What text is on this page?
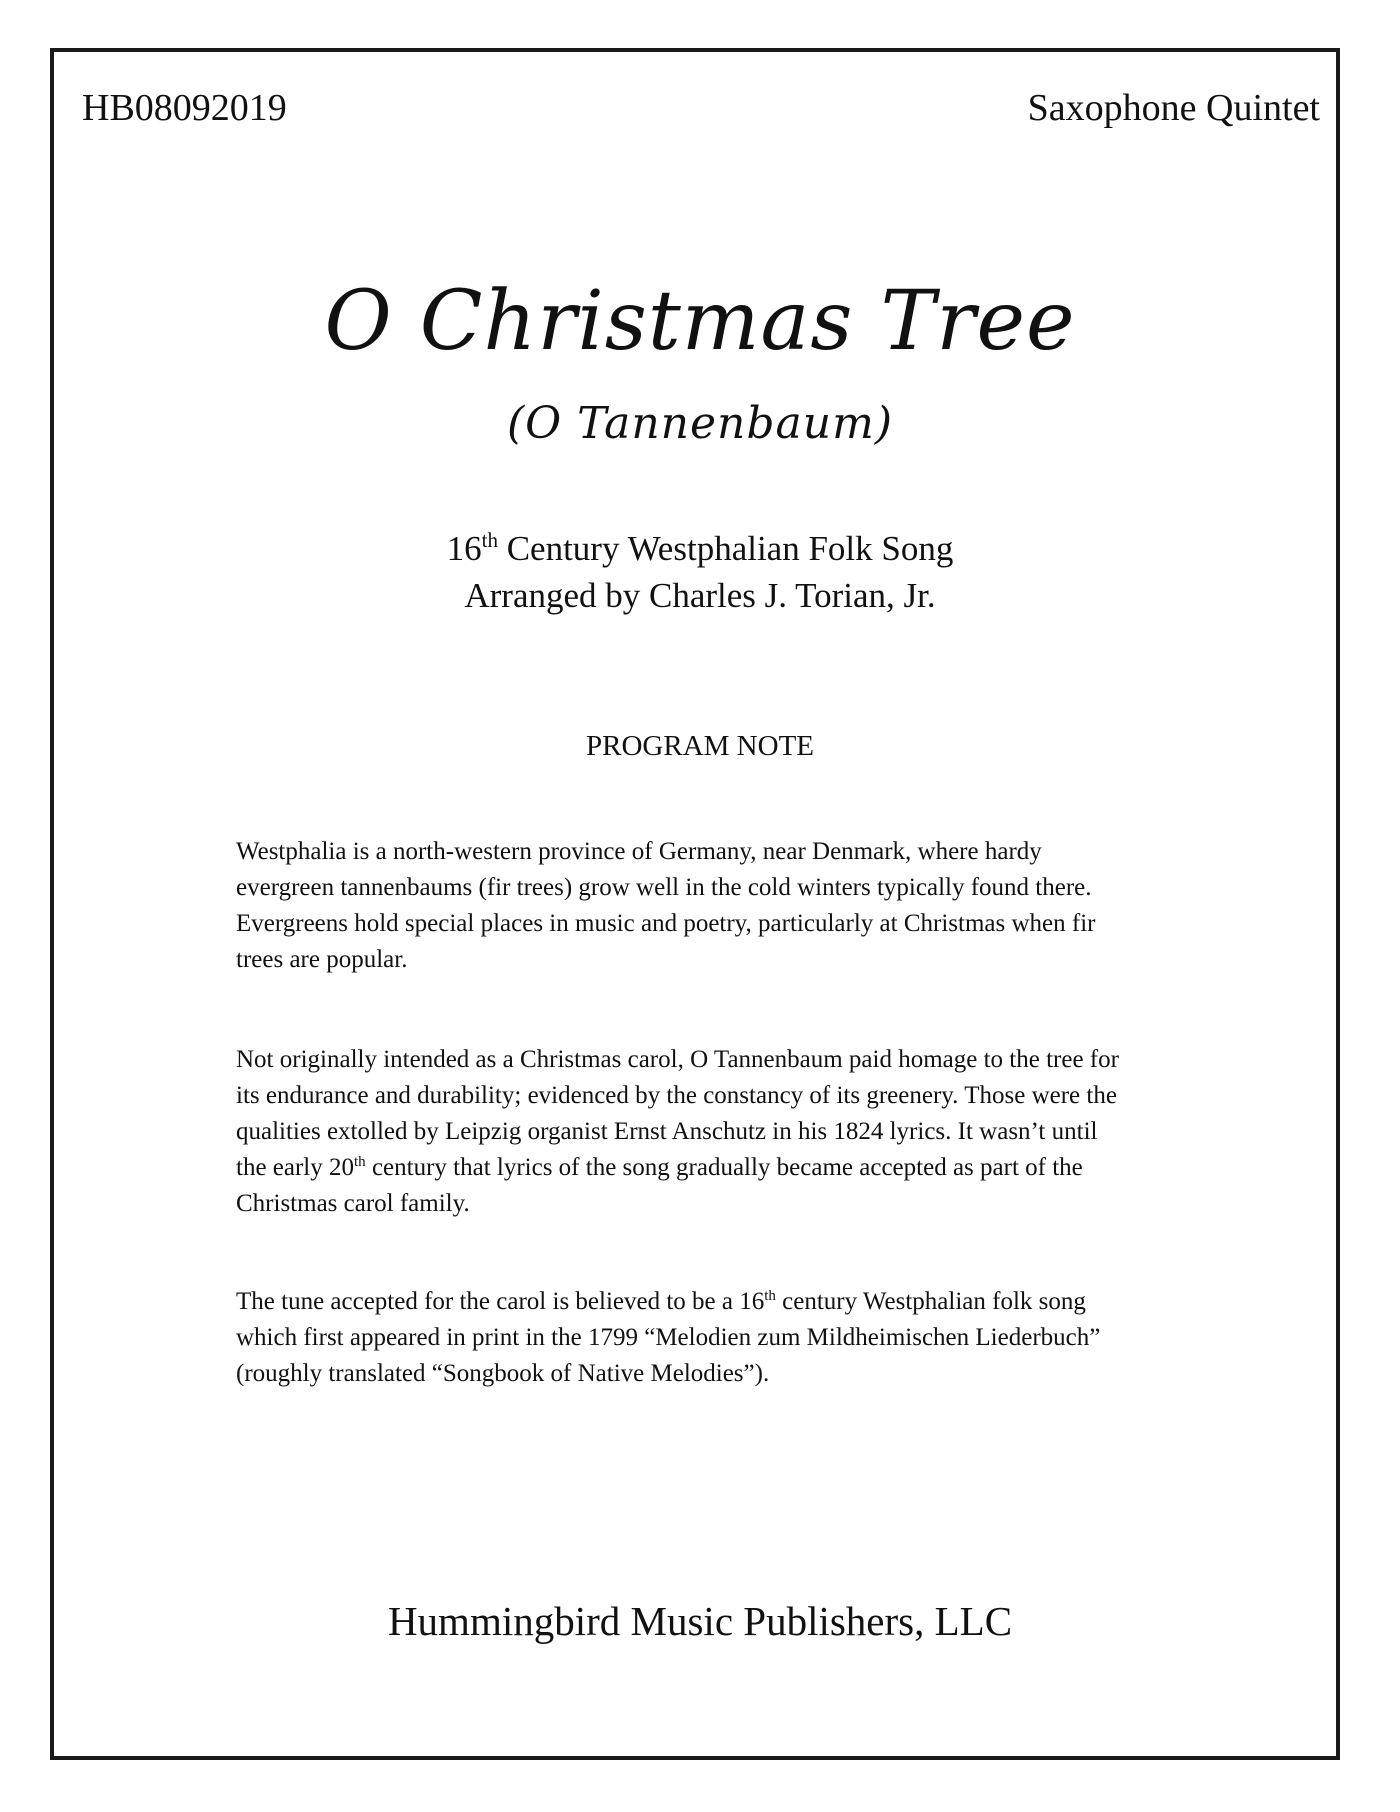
HB08092019	Saxophone Quintet
O Christmas Tree
(O Tannenbaum)
16th Century Westphalian Folk Song
Arranged by Charles J. Torian, Jr.
PROGRAM NOTE
Westphalia is a north-western province of Germany, near Denmark, where hardy
evergreen tannenbaums (fir trees) grow well in the cold winters typically found there.
Evergreens hold special places in music and poetry, particularly at Christmas when fir
trees are popular.
Not originally intended as a Christmas carol, O Tannenbaum paid homage to the tree for
its endurance and durability; evidenced by the constancy of its greenery. Those were the
qualities extolled by Leipzig organist Ernst Anschutz in his 1824 lyrics. It wasn’t until
the early 20th century that lyrics of the song gradually became accepted as part of the
Christmas carol family.
The tune accepted for the carol is believed to be a 16th century Westphalian folk song
which first appeared in print in the 1799 “Melodien zum Mildheimischen Liederbuch”
(roughly translated “Songbook of Native Melodies”).
Hummingbird Music Publishers, LLC
